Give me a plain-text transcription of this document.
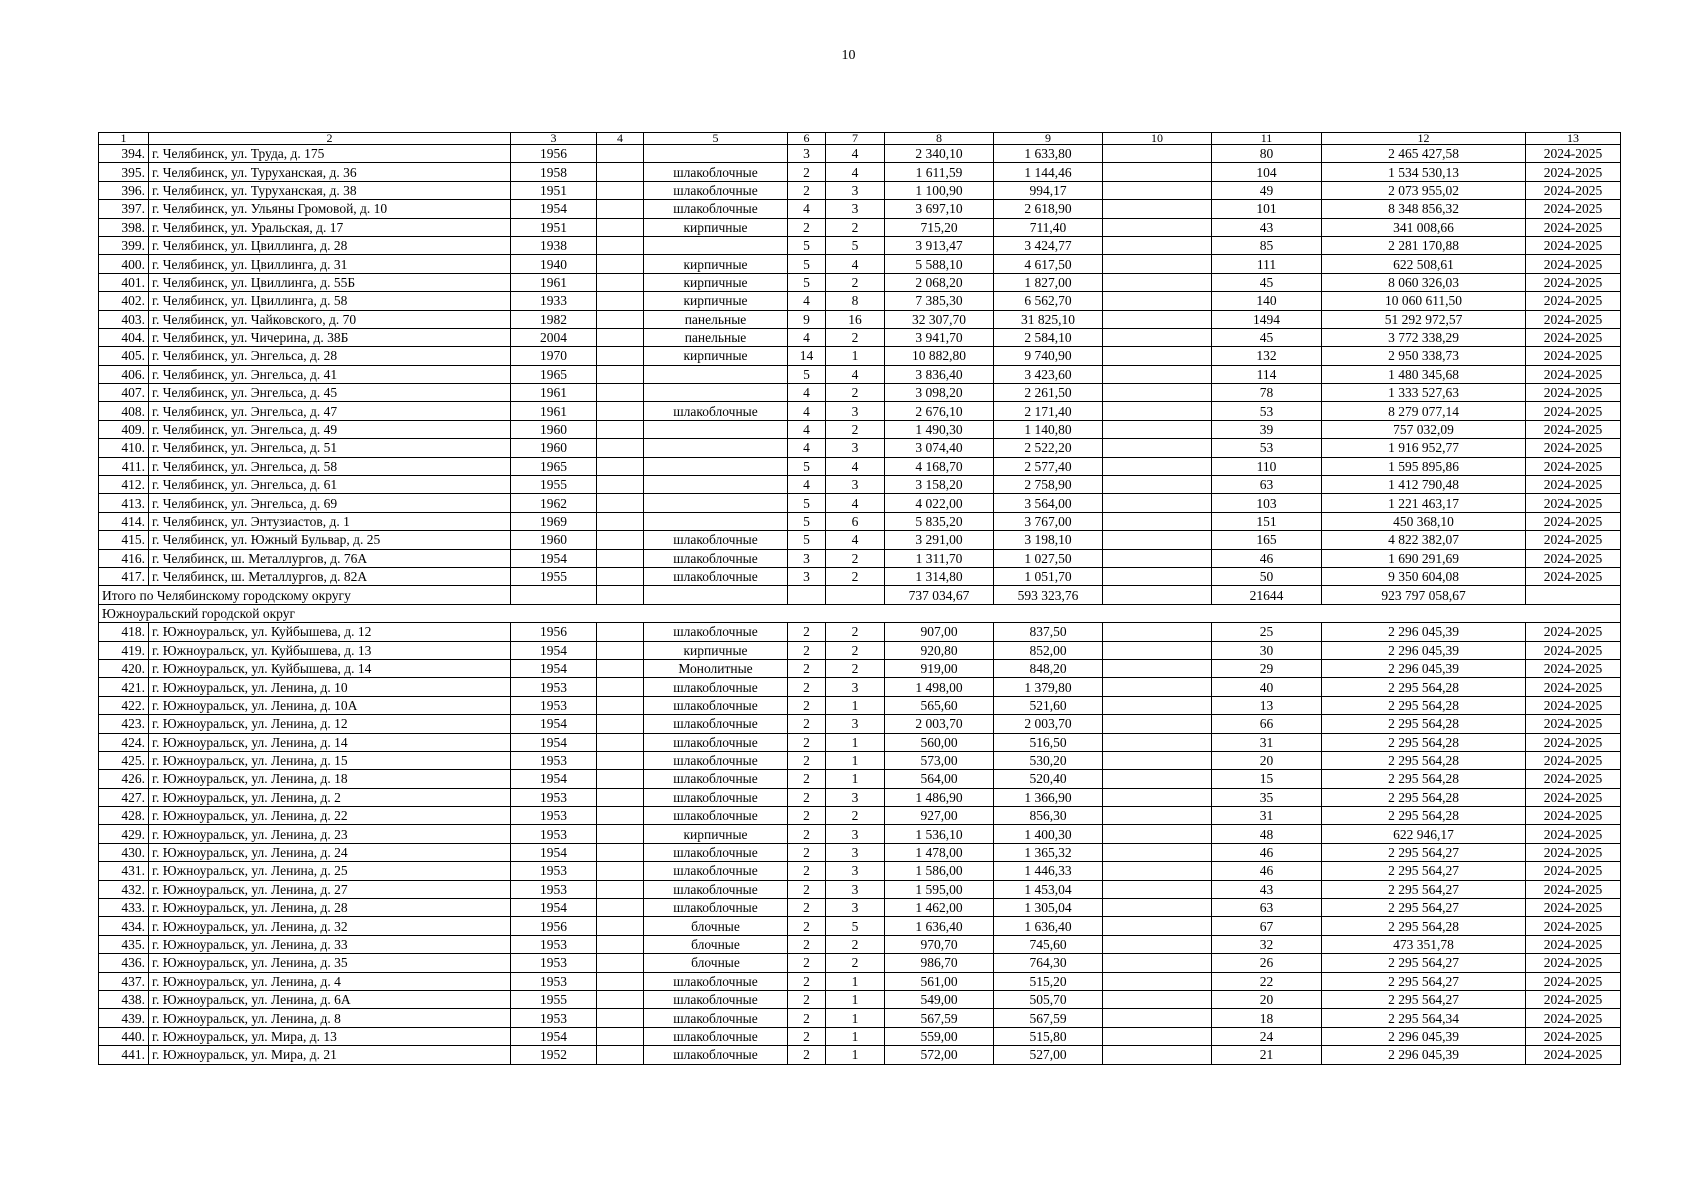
10
1	2	3	4	5	6	7	8	9	10	11	12	13
394.	г. Челябинск, ул. Труда, д. 175	1956			3	4	2 340,10	1 633,80		80	2 465 427,58	2024-2025
395.	г. Челябинск, ул. Туруханская, д. 36	1958		шлакоблочные	2	4	1 611,59	1 144,46		104	1 534 530,13	2024-2025
396.	г. Челябинск, ул. Туруханская, д. 38	1951		шлакоблочные	2	3	1 100,90	994,17		49	2 073 955,02	2024-2025
397.	г. Челябинск, ул. Ульяны Громовой, д. 10	1954		шлакоблочные	4	3	3 697,10	2 618,90		101	8 348 856,32	2024-2025
398.	г. Челябинск, ул. Уральская, д. 17	1951		кирпичные	2	2	715,20	711,40		43	341 008,66	2024-2025
399.	г. Челябинск, ул. Цвиллинга, д. 28	1938			5	5	3 913,47	3 424,77		85	2 281 170,88	2024-2025
400.	г. Челябинск, ул. Цвиллинга, д. 31	1940		кирпичные	5	4	5 588,10	4 617,50		111	622 508,61	2024-2025
401.	г. Челябинск, ул. Цвиллинга, д. 55Б	1961		кирпичные	5	2	2 068,20	1 827,00		45	8 060 326,03	2024-2025
402.	г. Челябинск, ул. Цвиллинга, д. 58	1933		кирпичные	4	8	7 385,30	6 562,70		140	10 060 611,50	2024-2025
403.	г. Челябинск, ул. Чайковского, д. 70	1982		панельные	9	16	32 307,70	31 825,10		1494	51 292 972,57	2024-2025
404.	г. Челябинск, ул. Чичерина, д. 38Б	2004		панельные	4	2	3 941,70	2 584,10		45	3 772 338,29	2024-2025
405.	г. Челябинск, ул. Энгельса, д. 28	1970		кирпичные	14	1	10 882,80	9 740,90		132	2 950 338,73	2024-2025
406.	г. Челябинск, ул. Энгельса, д. 41	1965			5	4	3 836,40	3 423,60		114	1 480 345,68	2024-2025
407.	г. Челябинск, ул. Энгельса, д. 45	1961			4	2	3 098,20	2 261,50		78	1 333 527,63	2024-2025
408.	г. Челябинск, ул. Энгельса, д. 47	1961		шлакоблочные	4	3	2 676,10	2 171,40		53	8 279 077,14	2024-2025
409.	г. Челябинск, ул. Энгельса, д. 49	1960			4	2	1 490,30	1 140,80		39	757 032,09	2024-2025
410.	г. Челябинск, ул. Энгельса, д. 51	1960			4	3	3 074,40	2 522,20		53	1 916 952,77	2024-2025
411.	г. Челябинск, ул. Энгельса, д. 58	1965			5	4	4 168,70	2 577,40		110	1 595 895,86	2024-2025
412.	г. Челябинск, ул. Энгельса, д. 61	1955			4	3	3 158,20	2 758,90		63	1 412 790,48	2024-2025
413.	г. Челябинск, ул. Энгельса, д. 69	1962			5	4	4 022,00	3 564,00		103	1 221 463,17	2024-2025
414.	г. Челябинск, ул. Энтузиастов, д. 1	1969			5	6	5 835,20	3 767,00		151	450 368,10	2024-2025
415.	г. Челябинск, ул. Южный Бульвар, д. 25	1960		шлакоблочные	5	4	3 291,00	3 198,10		165	4 822 382,07	2024-2025
416.	г. Челябинск, ш. Металлургов, д. 76А	1954		шлакоблочные	3	2	1 311,70	1 027,50		46	1 690 291,69	2024-2025
417.	г. Челябинск, ш. Металлургов, д. 82А	1955		шлакоблочные	3	2	1 314,80	1 051,70		50	9 350 604,08	2024-2025
Итого по Челябинскому городскому округу							737 034,67	593 323,76		21644	923 797 058,67	
Южноуральский городской округ												
418.	г. Южноуральск, ул. Куйбышева, д. 12	1956		шлакоблочные	2	2	907,00	837,50		25	2 296 045,39	2024-2025
419.	г. Южноуральск, ул. Куйбышева, д. 13	1954		кирпичные	2	2	920,80	852,00		30	2 296 045,39	2024-2025
420.	г. Южноуральск, ул. Куйбышева, д. 14	1954		Монолитные	2	2	919,00	848,20		29	2 296 045,39	2024-2025
421.	г. Южноуральск, ул. Ленина, д. 10	1953		шлакоблочные	2	3	1 498,00	1 379,80		40	2 295 564,28	2024-2025
422.	г. Южноуральск, ул. Ленина, д. 10А	1953		шлакоблочные	2	1	565,60	521,60		13	2 295 564,28	2024-2025
423.	г. Южноуральск, ул. Ленина, д. 12	1954		шлакоблочные	2	3	2 003,70	2 003,70		66	2 295 564,28	2024-2025
424.	г. Южноуральск, ул. Ленина, д. 14	1954		шлакоблочные	2	1	560,00	516,50		31	2 295 564,28	2024-2025
425.	г. Южноуральск, ул. Ленина, д. 15	1953		шлакоблочные	2	1	573,00	530,20		20	2 295 564,28	2024-2025
426.	г. Южноуральск, ул. Ленина, д. 18	1954		шлакоблочные	2	1	564,00	520,40		15	2 295 564,28	2024-2025
427.	г. Южноуральск, ул. Ленина, д. 2	1953		шлакоблочные	2	3	1 486,90	1 366,90		35	2 295 564,28	2024-2025
428.	г. Южноуральск, ул. Ленина, д. 22	1953		шлакоблочные	2	2	927,00	856,30		31	2 295 564,28	2024-2025
429.	г. Южноуральск, ул. Ленина, д. 23	1953		кирпичные	2	3	1 536,10	1 400,30		48	622 946,17	2024-2025
430.	г. Южноуральск, ул. Ленина, д. 24	1954		шлакоблочные	2	3	1 478,00	1 365,32		46	2 295 564,27	2024-2025
431.	г. Южноуральск, ул. Ленина, д. 25	1953		шлакоблочные	2	3	1 586,00	1 446,33		46	2 295 564,27	2024-2025
432.	г. Южноуральск, ул. Ленина, д. 27	1953		шлакоблочные	2	3	1 595,00	1 453,04		43	2 295 564,27	2024-2025
433.	г. Южноуральск, ул. Ленина, д. 28	1954		шлакоблочные	2	3	1 462,00	1 305,04		63	2 295 564,27	2024-2025
434.	г. Южноуральск, ул. Ленина, д. 32	1956		блочные	2	5	1 636,40	1 636,40		67	2 295 564,28	2024-2025
435.	г. Южноуральск, ул. Ленина, д. 33	1953		блочные	2	2	970,70	745,60		32	473 351,78	2024-2025
436.	г. Южноуральск, ул. Ленина, д. 35	1953		блочные	2	2	986,70	764,30		26	2 295 564,27	2024-2025
437.	г. Южноуральск, ул. Ленина, д. 4	1953		шлакоблочные	2	1	561,00	515,20		22	2 295 564,27	2024-2025
438.	г. Южноуральск, ул. Ленина, д. 6А	1955		шлакоблочные	2	1	549,00	505,70		20	2 295 564,27	2024-2025
439.	г. Южноуральск, ул. Ленина, д. 8	1953		шлакоблочные	2	1	567,59	567,59		18	2 295 564,34	2024-2025
440.	г. Южноуральск, ул. Мира, д. 13	1954		шлакоблочные	2	1	559,00	515,80		24	2 296 045,39	2024-2025
441.	г. Южноуральск, ул. Мира, д. 21	1952		шлакоблочные	2	1	572,00	527,00		21	2 296 045,39	2024-2025
